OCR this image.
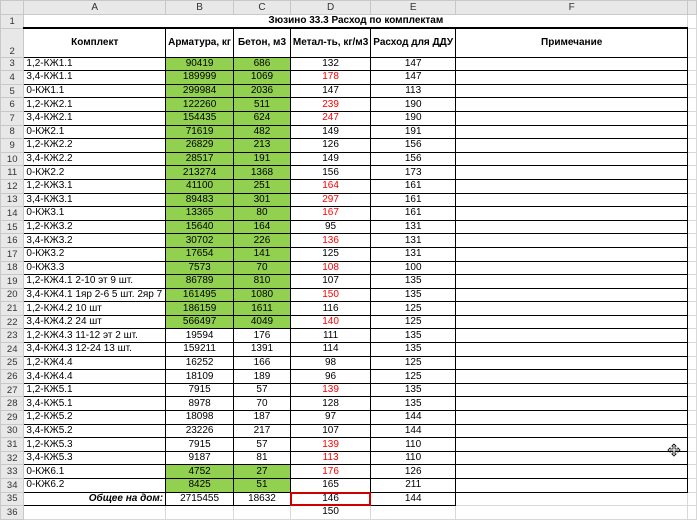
	A	B	C	D	E	F	
1	Зюзино 33.3 Расход по комплектам						
2	Комплект	Арматура, кг	Бетон, м3	Метал-ть, кг/м3	Расход для ДДУ	Примечание	
3	1,2-КЖ1.1	90419	686	132	147		
4	3,4-КЖ1.1	189999	1069	178	147		
5	0-КЖ1.1	299984	2036	147	113		
6	1,2-КЖ2.1	122260	511	239	190		
7	3,4-КЖ2.1	154435	624	247	190		
8	0-КЖ2.1	71619	482	149	191		
9	1,2-КЖ2.2	26829	213	126	156		
10	3,4-КЖ2.2	28517	191	149	156		
11	0-КЖ2.2	213274	1368	156	173		
12	1,2-КЖ3.1	41100	251	164	161		
13	3,4-КЖ3.1	89483	301	297	161		
14	0-КЖ3.1	13365	80	167	161		
15	1,2-КЖ3.2	15640	164	95	131		
16	3,4-КЖ3.2	30702	226	136	131		
17	0-КЖ3.2	17654	141	125	131		
18	0-КЖ3.3	7573	70	108	100		
19	1,2-КЖ4.1 2-10 эт 9 шт.	86789	810	107	135		
20	3,4-КЖ4.1 1яр 2-6 5 шт. 2яр 7	161495	1080	150	135		
21	1,2-КЖ4.2 10 шт	186159	1611	116	125		
22	3,4-КЖ4.2 24 шт	566497	4049	140	125		
23	1,2-КЖ4.3 11-12 эт 2 шт.	19594	176	111	135		
24	3,4-КЖ4.3 12-24 13 шт.	159211	1391	114	135		
25	1,2-КЖ4.4	16252	166	98	125		
26	3,4-КЖ4.4	18109	189	96	125		
27	1,2-КЖ5.1	7915	57	139	135		
28	3,4-КЖ5.1	8978	70	128	135		
29	1,2-КЖ5.2	18098	187	97	144		
30	3,4-КЖ5.2	23226	217	107	144		
31	1,2-КЖ5.3	7915	57	139	110		
32	3,4-КЖ5.3	9187	81	113	110		
33	0-КЖ6.1	4752	27	176	126		
34	0-КЖ6.2	8425	51	165	211		
35	Общее на дом:	2715455	18632	146	144		
36				150			
